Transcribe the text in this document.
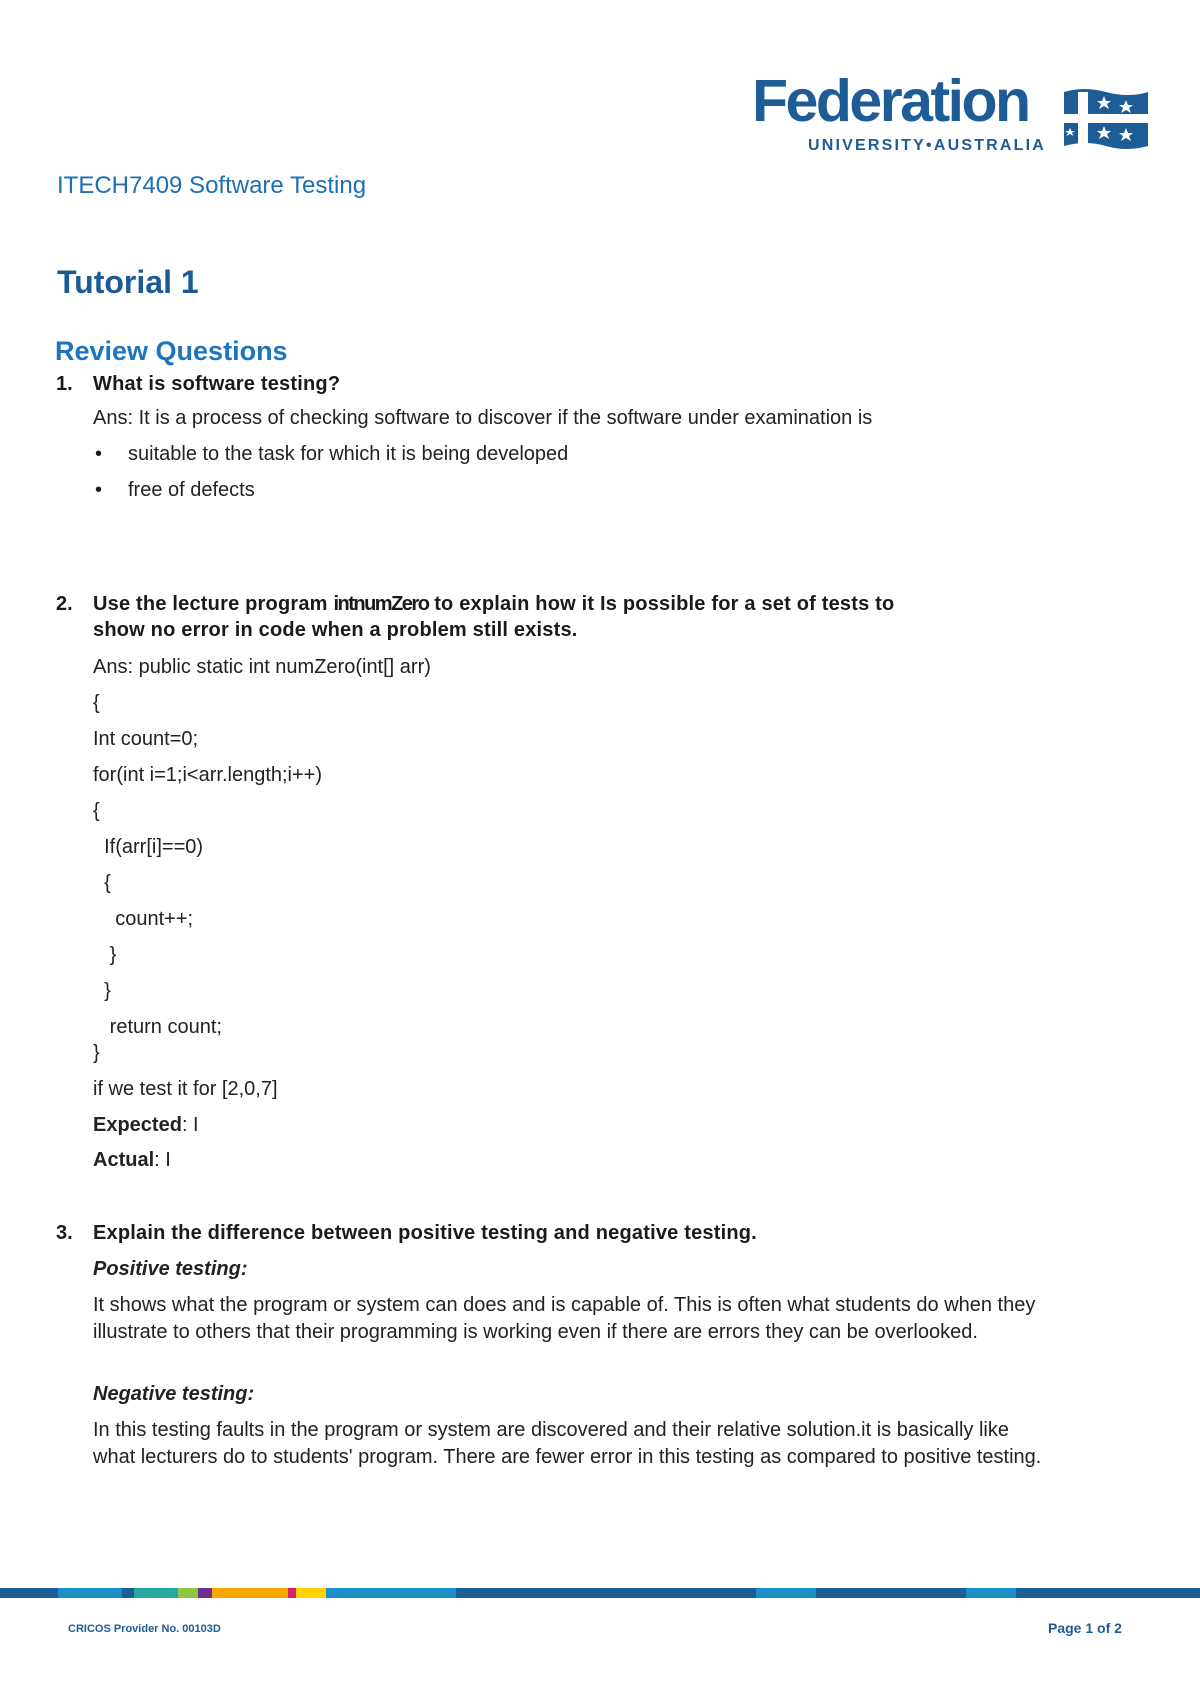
Federation
UNIVERSITY•AUSTRALIA
ITECH7409 Software Testing
Tutorial 1
Review Questions
1. What is software testing?
Ans: It is a process of checking software to discover if the software under examination is
• suitable to the task for which it is being developed
• free of defects
2. Use the lecture program intnumZero to explain how it Is possible for a set of tests to
show no error in code when a problem still exists.
Ans: public static int numZero(int[] arr)
{
Int count=0;
for(int i=1;i<arr.length;i++)
{
If(arr[i]==0)
{
count++;
}
}
return count;
}
if we test it for [2,0,7]
Expected: I
Actual: I
3. Explain the difference between positive testing and negative testing.
Positive testing:
It shows what the program or system can does and is capable of. This is often what students do when they illustrate to others that their programming is working even if there are errors they can be overlooked.
Negative testing:
In this testing faults in the program or system are discovered and their relative solution.it is basically like what lecturers do to students' program. There are fewer error in this testing as compared to positive testing.
CRICOS Provider No. 00103D	Page 1 of 2
